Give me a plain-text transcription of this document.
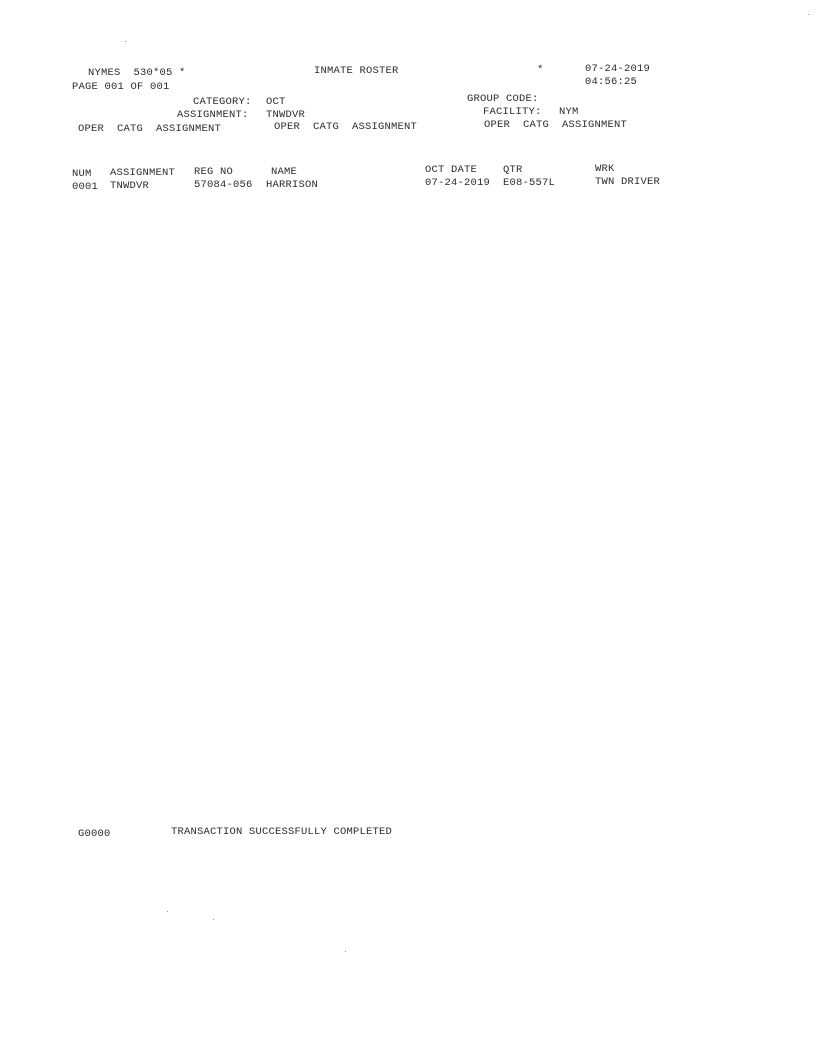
NYMES  530*05 *	INMATE ROSTER	*	07-24-2019
04:56:25
PAGE 001 OF 001
CATEGORY: OCT	GROUP CODE:
ASSIGNMENT: TNWDVR	FACILITY: NYM
OPER  CATG  ASSIGNMENT	OPER  CATG  ASSIGNMENT	OPER  CATG  ASSIGNMENT
NUM ASSIGNMENT REG NO	NAME	OCT DATE QTR	WRK
0001 TNWDVR	57084-056 HARRISON	07-24-2019 E08-557L	TWN DRIVER
G0000	TRANSACTION SUCCESSFULLY COMPLETED
